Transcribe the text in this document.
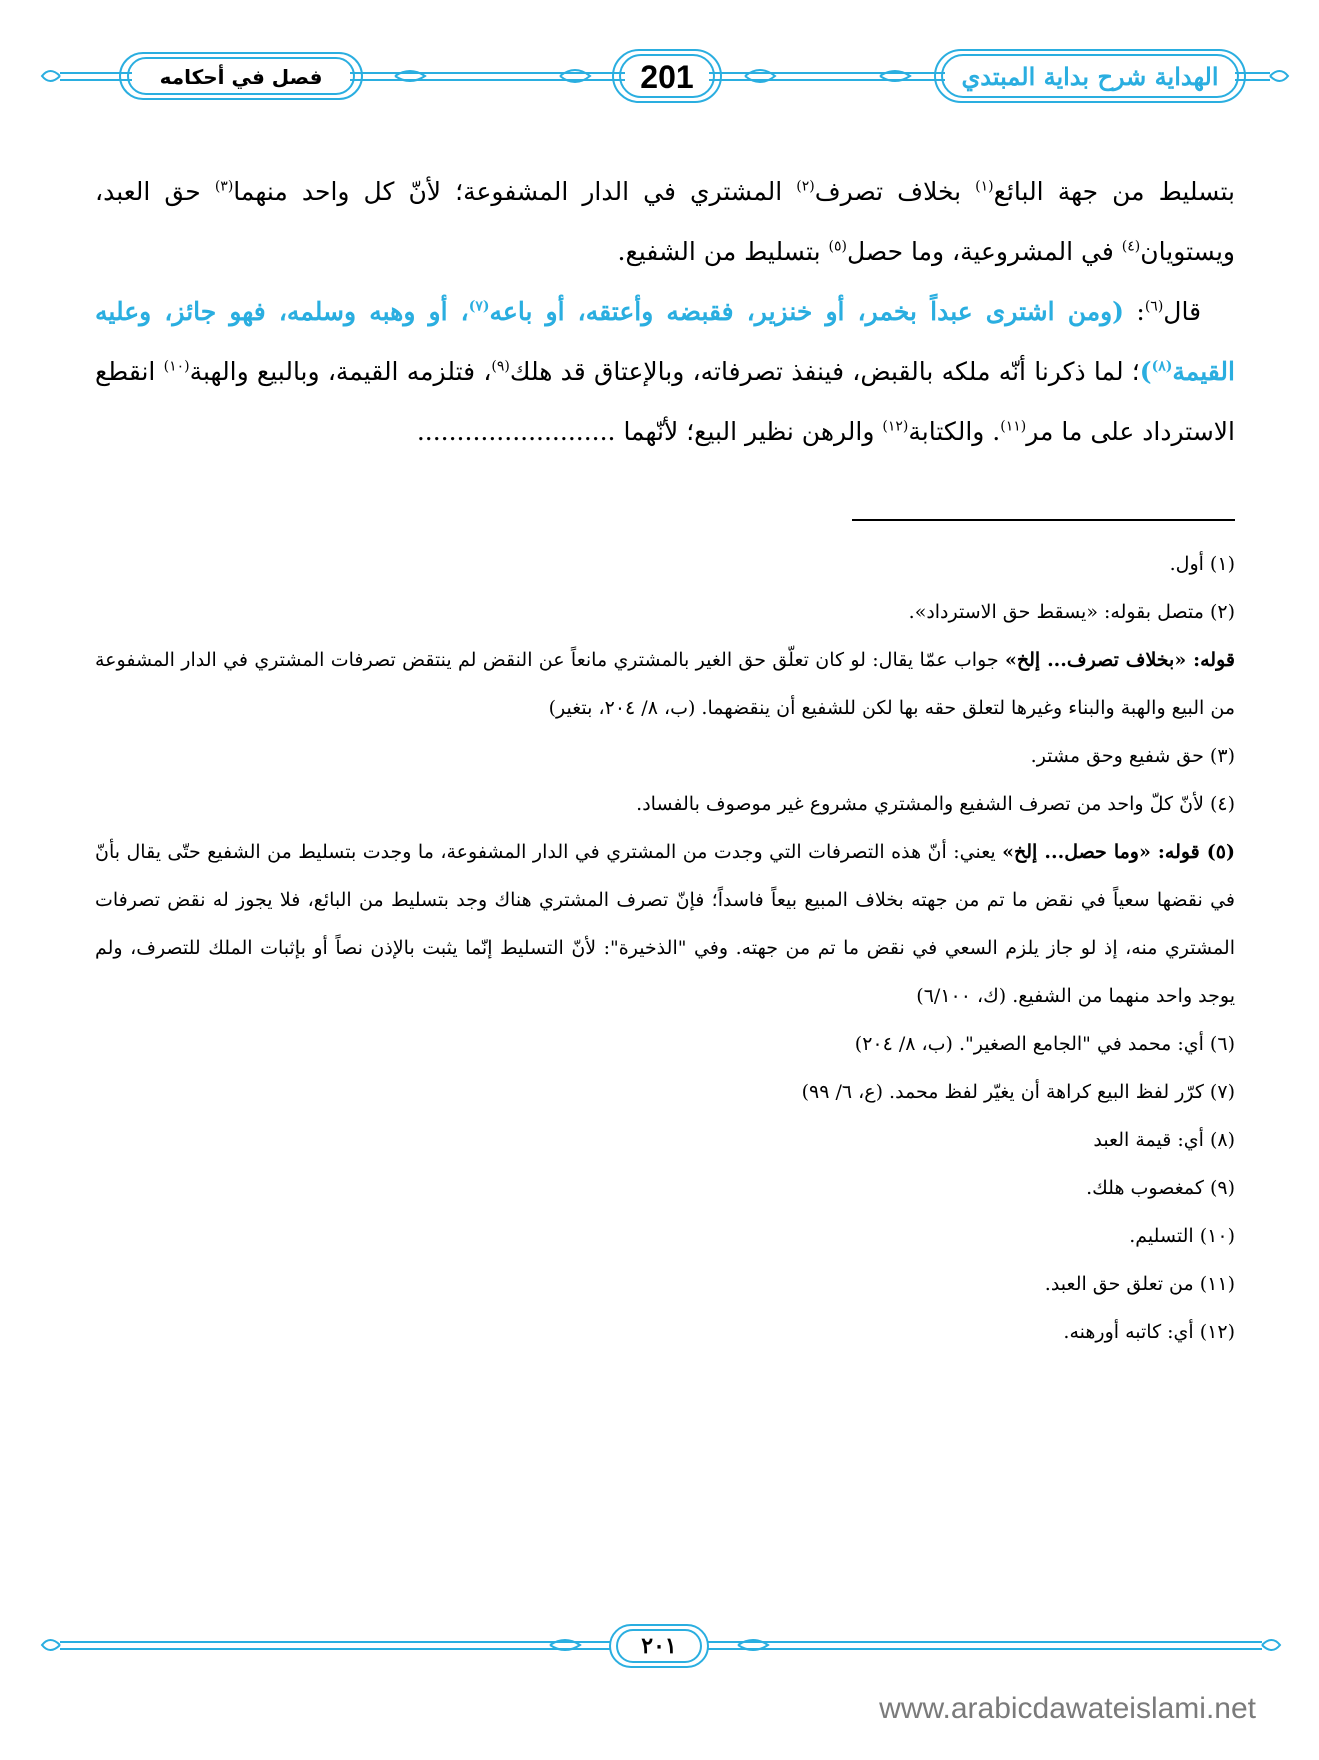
فصل في أحكامه	201	الهداية شرح بداية المبتدي

بتسليط من جهة البائع$^{(١)}$ بخلاف تصرف$^{(٢)}$ المشتري في الدار المشفوعة؛ لأنّ كل واحد منهما$^{(٣)}$ حق العبد، ويستويان$^{(٤)}$ في المشروعية، وما حصل$^{(٥)}$ بتسليط من الشفيع.

قال$^{(٦)}$: (ومن اشترى عبداً بخمر، أو خنزير، فقبضه وأعتقه، أو باعه$^{(٧)}$، أو وهبه وسلمه، فهو جائز، وعليه القيمة$^{(٨)}$)؛ لما ذكرنا أنّه ملكه بالقبض، فينفذ تصرفاته، وبالإعتاق قد هلك$^{(٩)}$، فتلزمه القيمة، وبالبيع والهبة$^{(١٠)}$ انقطع الاسترداد على ما مر$^{(١١)}$. والكتابة$^{(١٢)}$ والرهن نظير البيع؛ لأنّهما .........................

(١) أول.

(٢) متصل بقوله: «يسقط حق الاسترداد».

قوله: «بخلاف تصرف... إلخ» جواب عمّا يقال: لو كان تعلّق حق الغير بالمشتري مانعاً عن النقض لم ينتقض تصرفات المشتري في الدار المشفوعة من البيع والهبة والبناء وغيرها لتعلق حقه بها لكن للشفيع أن ينقضهما. (ب، ٨/ ٢٠٤، بتغير)

(٣) حق شفيع وحق مشتر.

(٤) لأنّ كلّ واحد من تصرف الشفيع والمشتري مشروع غير موصوف بالفساد.

(٥) قوله: «وما حصل... إلخ» يعني: أنّ هذه التصرفات التي وجدت من المشتري في الدار المشفوعة، ما وجدت بتسليط من الشفيع حتّى يقال بأنّ في نقضها سعياً في نقض ما تم من جهته بخلاف المبيع بيعاً فاسداً؛ فإنّ تصرف المشتري هناك وجد بتسليط من البائع، فلا يجوز له نقض تصرفات المشتري منه، إذ لو جاز يلزم السعي في نقض ما تم من جهته. وفي "الذخيرة": لأنّ التسليط إنّما يثبت بالإذن نصاً أو بإثبات الملك للتصرف، ولم يوجد واحد منهما من الشفيع. (ك، ٦/١٠٠)

(٦) أي: محمد في "الجامع الصغير". (ب، ٨/ ٢٠٤)

(٧) كرّر لفظ البيع كراهة أن يغيّر لفظ محمد. (ع، ٦/ ٩٩)

(٨) أي: قيمة العبد

(٩) كمغصوب هلك.

(١٠) التسليم.

(١١) من تعلق حق العبد.

(١٢) أي: كاتبه أورهنه.

٢٠١
www.arabicdawateislami.net
